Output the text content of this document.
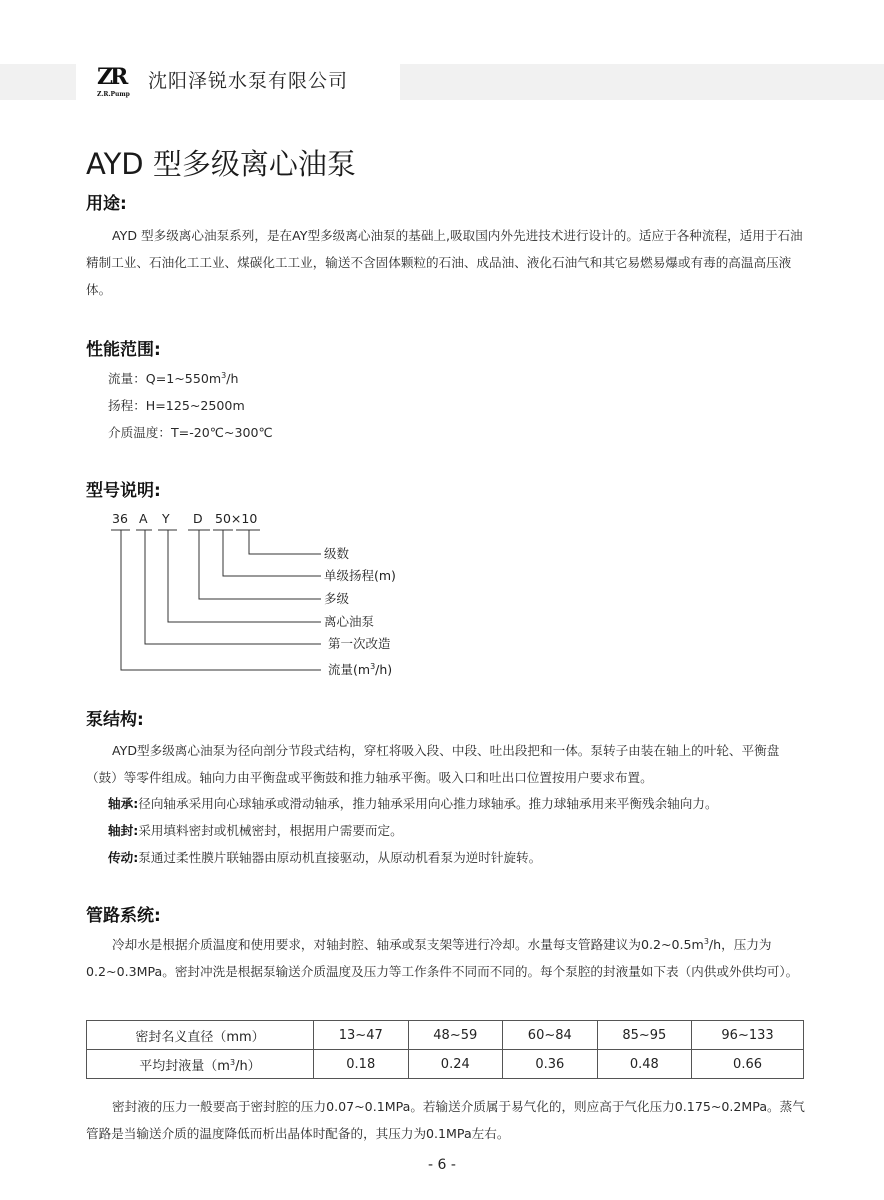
ZR
Z.R.Pump
沈阳泽锐水泵有限公司
AYD 型多级离心油泵
用途:
AYD 型多级离心油泵系列，是在AY型多级离心油泵的基础上,吸取国内外先进技术进行设计的。适应于各种流程，适用于石油精制工业、石油化工工业、煤碳化工工业，输送不含固体颗粒的石油、成品油、液化石油气和其它易燃易爆或有毒的高温高压液体。
性能范围:
流量：$Q=1\sim 550m^3/h$
扬程：H=125~2500m
介质温度：T=-20℃~300℃
型号说明:
36 A Y D 50×10
级数
单级扬程(m)
多级
离心油泵
第一次改造
流量$(m^3/h)$
泵结构:
AYD型多级离心油泵为径向剖分节段式结构，穿杠将吸入段、中段、吐出段把和一体。泵转子由装在轴上的叶轮、平衡盘（鼓）等零件组成。轴向力由平衡盘或平衡鼓和推力轴承平衡。吸入口和吐出口位置按用户要求布置。
轴承:径向轴承采用向心球轴承或滑动轴承，推力轴承采用向心推力球轴承。推力球轴承用来平衡残余轴向力。
轴封:采用填料密封或机械密封，根据用户需要而定。
传动:泵通过柔性膜片联轴器由原动机直接驱动，从原动机看泵为逆时针旋转。
管路系统:
冷却水是根据介质温度和使用要求，对轴封腔、轴承或泵支架等进行冷却。水量每支管路建议为$0.2\sim 0.5m^3/h$，压力为0.2~0.3MPa。密封冲洗是根据泵输送介质温度及压力等工作条件不同而不同的。每个泵腔的封液量如下表（内供或外供均可）。
密封名义直径（mm）	13~47	48~59	60~84	85~95	96~133
平均封液量$(m^3/h)$	0.18	0.24	0.36	0.48	0.66
密封液的压力一般要高于密封腔的压力0.07~0.1MPa。若输送介质属于易气化的，则应高于气化压力0.175~0.2MPa。蒸气管路是当输送介质的温度降低而析出晶体时配备的，其压力为0.1MPa左右。
- 6 -
